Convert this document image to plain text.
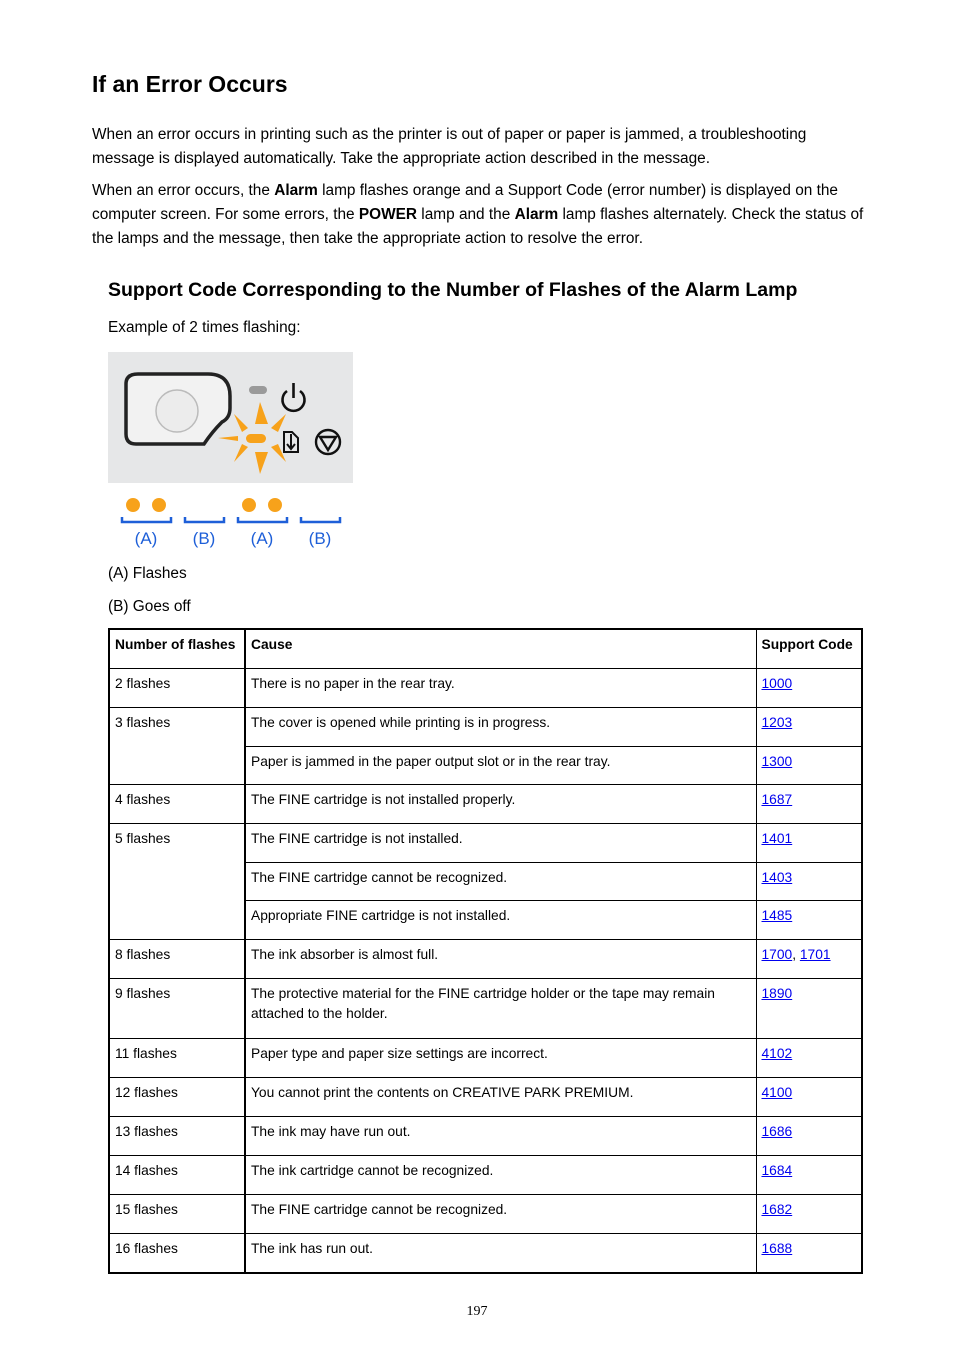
If an Error Occurs

When an error occurs in printing such as the printer is out of paper or paper is jammed, a troubleshooting message is displayed automatically. Take the appropriate action described in the message.

When an error occurs, the Alarm lamp flashes orange and a Support Code (error number) is displayed on the computer screen. For some errors, the POWER lamp and the Alarm lamp flashes alternately. Check the status of the lamps and the message, then take the appropriate action to resolve the error.

Support Code Corresponding to the Number of Flashes of the Alarm Lamp

Example of 2 times flashing:

(A) (B) (A) (B)

(A) Flashes

(B) Goes off

Number of flashes	Cause	Support Code
2 flashes	There is no paper in the rear tray.	1000
3 flashes	The cover is opened while printing is in progress.	1203
	Paper is jammed in the paper output slot or in the rear tray.	1300
4 flashes	The FINE cartridge is not installed properly.	1687
5 flashes	The FINE cartridge is not installed.	1401
	The FINE cartridge cannot be recognized.	1403
	Appropriate FINE cartridge is not installed.	1485
8 flashes	The ink absorber is almost full.	1700, 1701
9 flashes	The protective material for the FINE cartridge holder or the tape may remain attached to the holder.	1890
11 flashes	Paper type and paper size settings are incorrect.	4102
12 flashes	You cannot print the contents on CREATIVE PARK PREMIUM.	4100
13 flashes	The ink may have run out.	1686
14 flashes	The ink cartridge cannot be recognized.	1684
15 flashes	The FINE cartridge cannot be recognized.	1682
16 flashes	The ink has run out.	1688
197
